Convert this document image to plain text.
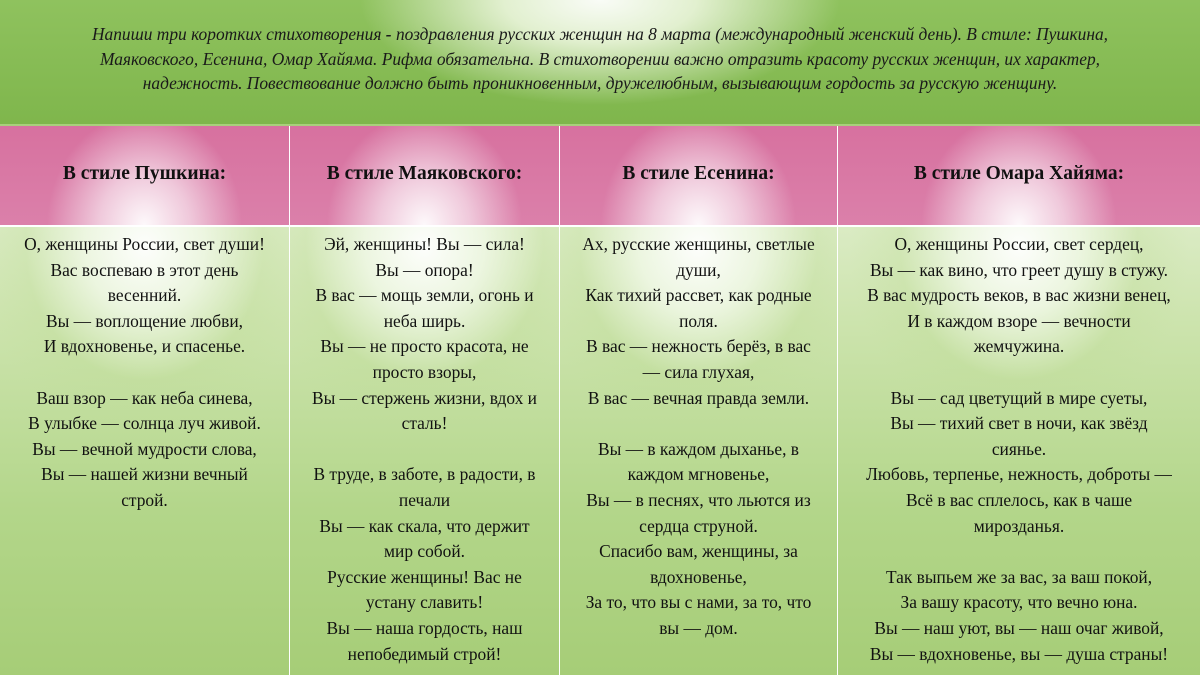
Напиши три коротких стихотворения - поздравления русских женщин на 8 марта (международный женский день). В стиле: Пушкина,
Маяковского, Есенина, Омар Хайяма. Рифма обязательна. В стихотворении важно отразить красоту русских женщин, их характер,
надежность. Повествование должно быть проникновенным, дружелюбным, вызывающим гордость за русскую женщину.
В стиле Пушкина:
О, женщины России, свет души!
Вас воспеваю в этот день
весенний.
Вы — воплощение любви,
И вдохновенье, и спасенье.
Ваш взор — как неба синева,
В улыбке — солнца луч живой.
Вы — вечной мудрости слова,
Вы — нашей жизни вечный
строй.
В стиле Маяковского:
Эй, женщины! Вы — сила!
Вы — опора!
В вас — мощь земли, огонь и
неба ширь.
Вы — не просто красота, не
просто взоры,
Вы — стержень жизни, вдох и
сталь!
В труде, в заботе, в радости, в
печали
Вы — как скала, что держит
мир собой.
Русские женщины! Вас не
устану славить!
Вы — наша гордость, наш
непобедимый строй!
В стиле Есенина:
Ах, русские женщины, светлые
души,
Как тихий рассвет, как родные
поля.
В вас — нежность берёз, в вас
— сила глухая,
В вас — вечная правда земли.
Вы — в каждом дыханье, в
каждом мгновенье,
Вы — в песнях, что льются из
сердца струной.
Спасибо вам, женщины, за
вдохновенье,
За то, что вы с нами, за то, что
вы — дом.
В стиле Омара Хайяма:
О, женщины России, свет сердец,
Вы — как вино, что греет душу в стужу.
В вас мудрость веков, в вас жизни венец,
И в каждом взоре — вечности
жемчужина.
Вы — сад цветущий в мире суеты,
Вы — тихий свет в ночи, как звёзд
сиянье.
Любовь, терпенье, нежность, доброты —
Всё в вас сплелось, как в чаше
мирозданья.
Так выпьем же за вас, за ваш покой,
За вашу красоту, что вечно юна.
Вы — наш уют, вы — наш очаг живой,
Вы — вдохновенье, вы — душа страны!
